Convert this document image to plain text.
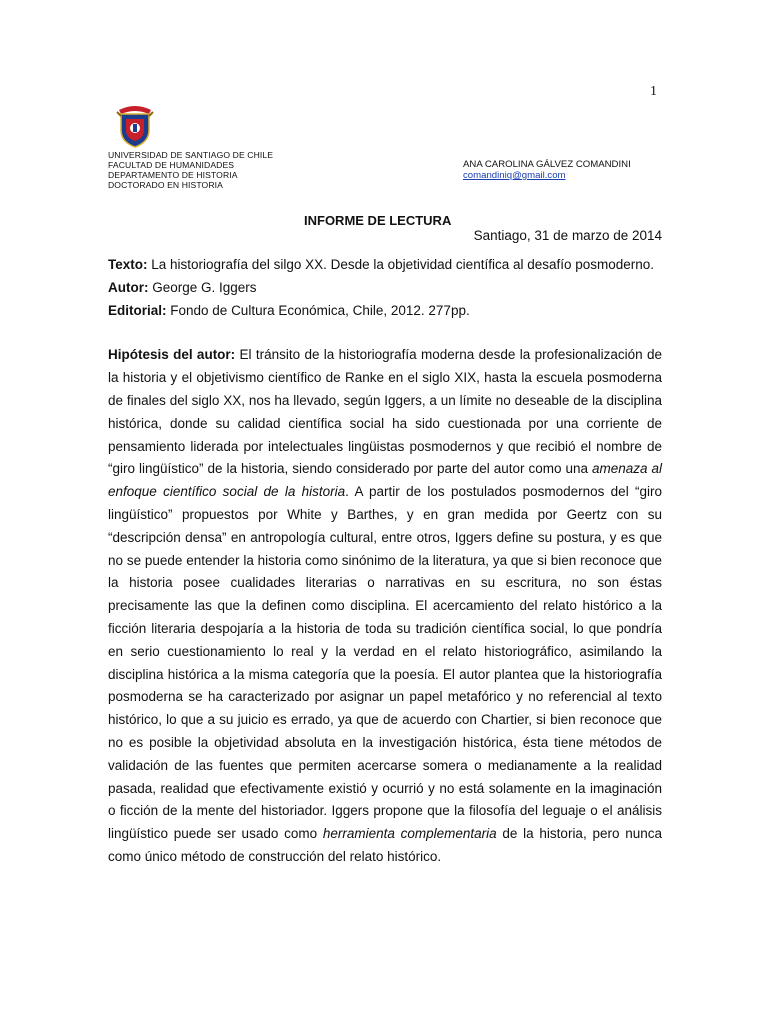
1
UNIVERSIDAD DE SANTIAGO DE CHILE
FACULTAD DE HUMANIDADES
DEPARTAMENTO DE HISTORIA
DOCTORADO EN HISTORIA
ANA CAROLINA GÁLVEZ COMANDINI
comandiniq@gmail.com
INFORME DE LECTURA
Santiago, 31 de marzo de 2014

Texto: La historiografía del silgo XX. Desde la objetividad científica al desafío posmoderno.

Autor: George G. Iggers

Editorial: Fondo de Cultura Económica, Chile, 2012. 277pp.

Hipótesis del autor: El tránsito de la historiografía moderna desde la profesionalización de la historia y el objetivismo científico de Ranke en el siglo XIX, hasta la escuela posmoderna de finales del siglo XX, nos ha llevado, según Iggers, a un límite no deseable de la disciplina histórica, donde su calidad científica social ha sido cuestionada por una corriente de pensamiento liderada por intelectuales lingüistas posmodernos y que recibió el nombre de “giro lingüístico” de la historia, siendo considerado por parte del autor como una amenaza al enfoque científico social de la historia. A partir de los postulados posmodernos del “giro lingüístico” propuestos por White y Barthes, y en gran medida por Geertz con su “descripción densa” en antropología cultural, entre otros, Iggers define su postura, y es que no se puede entender la historia como sinónimo de la literatura, ya que si bien reconoce que la historia posee cualidades literarias o narrativas en su escritura, no son éstas precisamente las que la definen como disciplina. El acercamiento del relato histórico a la ficción literaria despojaría a la historia de toda su tradición científica social, lo que pondría en serio cuestionamiento lo real y la verdad en el relato historiográfico, asimilando la disciplina histórica a la misma categoría que la poesía. El autor plantea que la historiografía posmoderna se ha caracterizado por asignar un papel metafórico y no referencial al texto histórico, lo que a su juicio es errado, ya que de acuerdo con Chartier, si bien reconoce que no es posible la objetividad absoluta en la investigación histórica, ésta tiene métodos de validación de las fuentes que permiten acercarse somera o medianamente a la realidad pasada, realidad que efectivamente existió y ocurrió y no está solamente en la imaginación o ficción de la mente del historiador. Iggers propone que la filosofía del leguaje o el análisis lingüístico puede ser usado como herramienta complementaria de la historia, pero nunca como único método de construcción del relato histórico.
